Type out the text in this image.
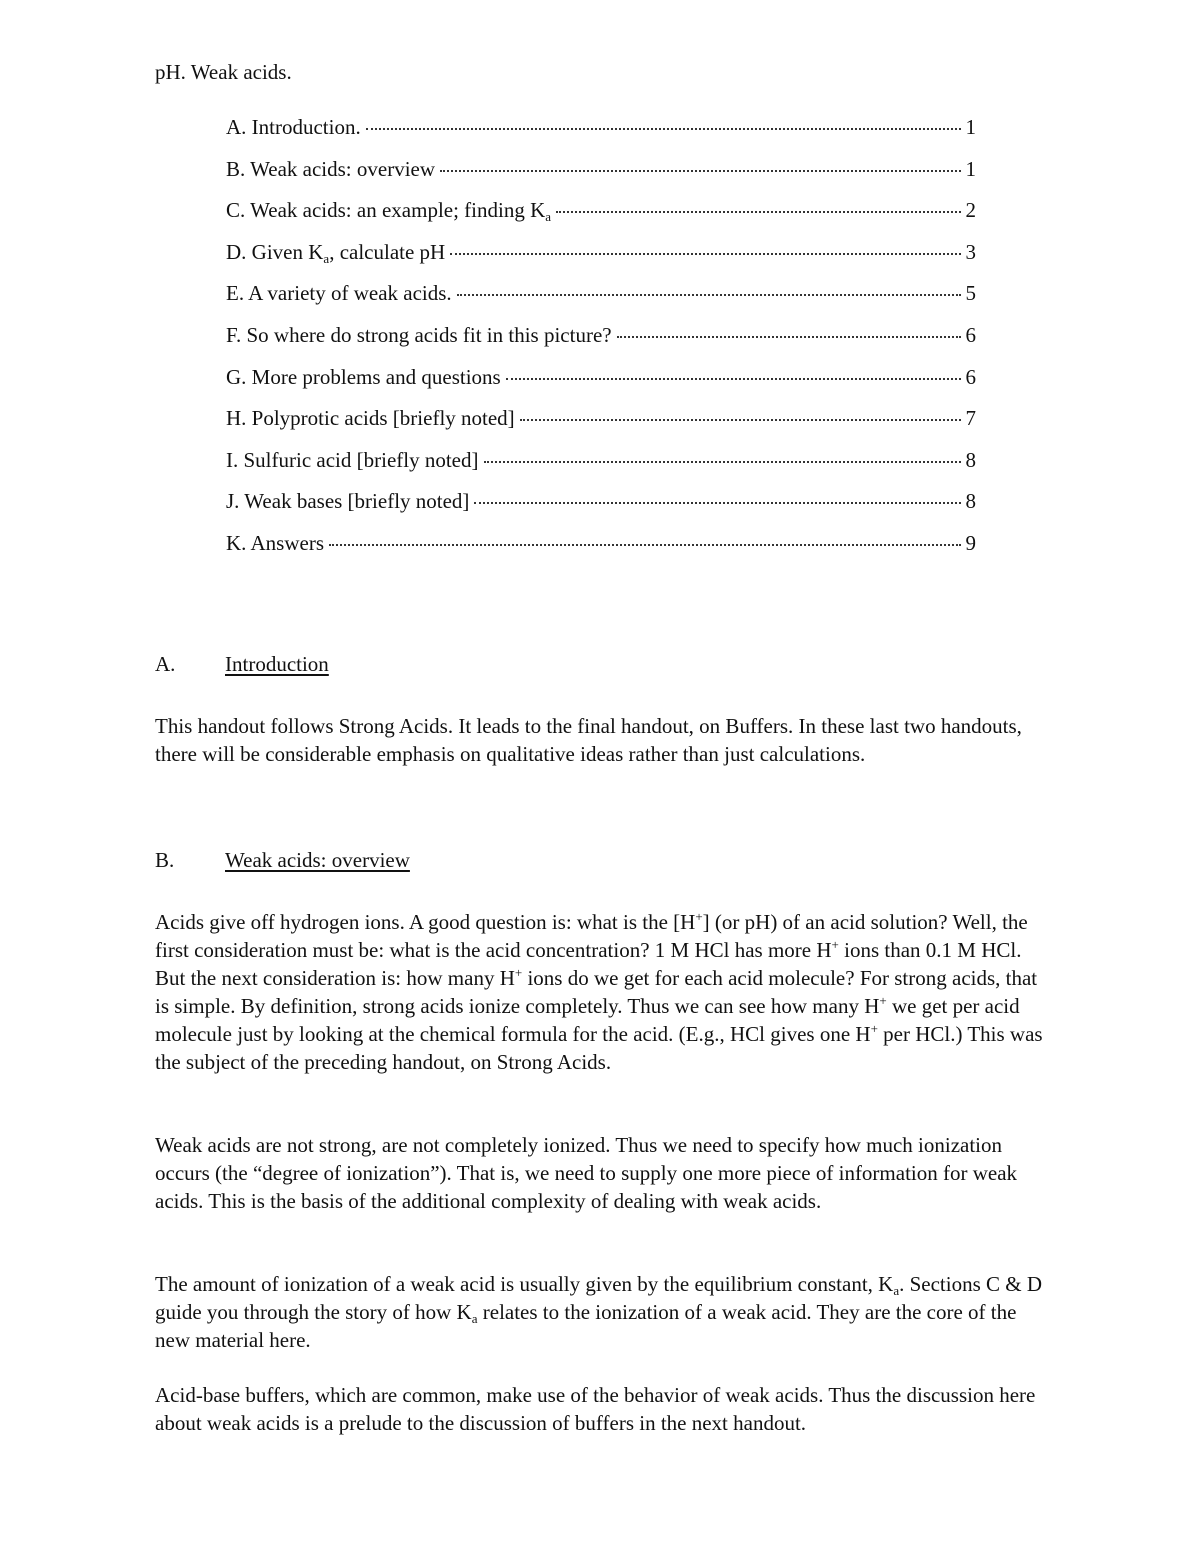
pH. Weak acids.
A. Introduction.	1
B. Weak acids: overview	1
C. Weak acids: an example; finding $K_a$	2
D. Given $K_a$, calculate pH	3
E. A variety of weak acids.	5
F. So where do strong acids fit in this picture?	6
G. More problems and questions	6
H. Polyprotic acids [briefly noted]	7
I. Sulfuric acid [briefly noted]	8
J. Weak bases [briefly noted]	8
K. Answers	9
A. Introduction

This handout follows Strong Acids. It leads to the final handout, on Buffers. In these last two handouts, there will be considerable emphasis on qualitative ideas rather than just calculations.

B. Weak acids: overview

Acids give off hydrogen ions. A good question is: what is the [H+] (or pH) of an acid solution? Well, the first consideration must be: what is the acid concentration? 1 M HCl has more H+ ions than 0.1 M HCl. But the next consideration is: how many H+ ions do we get for each acid molecule? For strong acids, that is simple. By definition, strong acids ionize completely. Thus we can see how many H+ we get per acid molecule just by looking at the chemical formula for the acid. (E.g., HCl gives one H+ per HCl.) This was the subject of the preceding handout, on Strong Acids.

Weak acids are not strong, are not completely ionized. Thus we need to specify how much ionization occurs (the “degree of ionization”). That is, we need to supply one more piece of information for weak acids. This is the basis of the additional complexity of dealing with weak acids.

The amount of ionization of a weak acid is usually given by the equilibrium constant, $K_a$. Sections C & D guide you through the story of how $K_a$ relates to the ionization of a weak acid. They are the core of the new material here.

Acid-base buffers, which are common, make use of the behavior of weak acids. Thus the discussion here about weak acids is a prelude to the discussion of buffers in the next handout.
